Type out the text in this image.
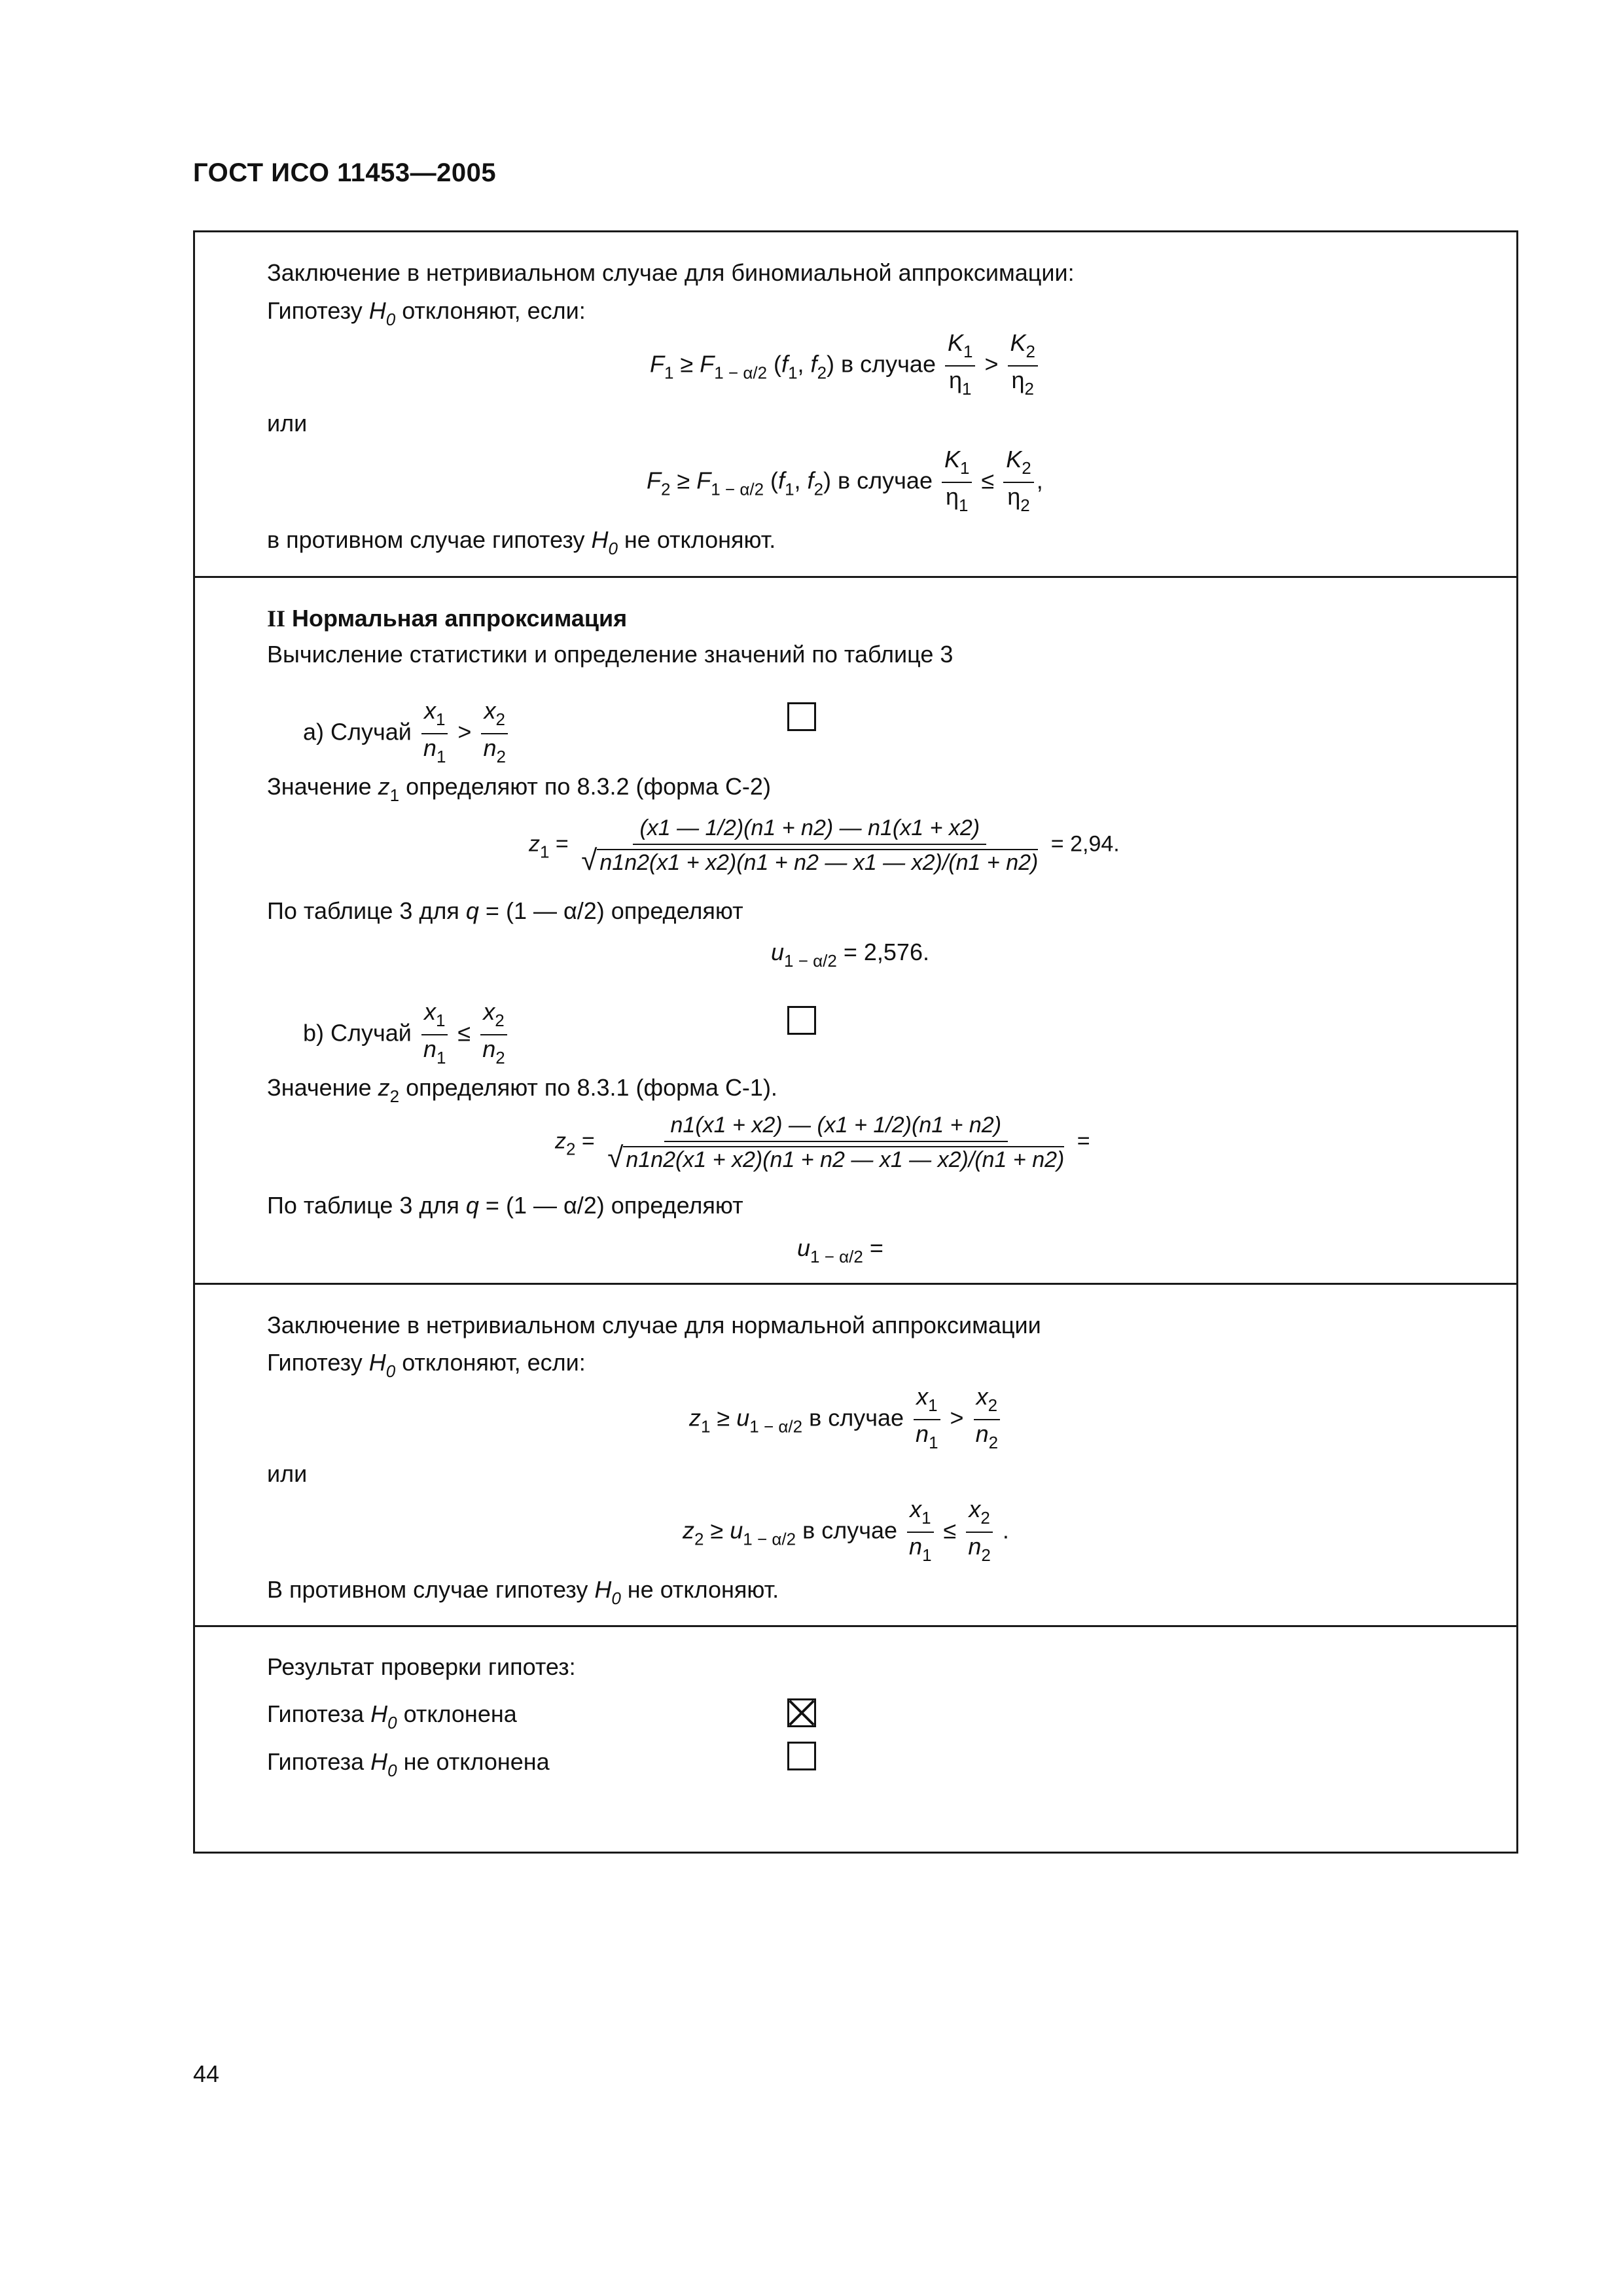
ГОСТ ИСО 11453—2005
Заключение в нетривиальном случае для биномиальной аппроксимации:
Гипотезу $H_0$ отклоняют, если:
$F_1 \ge F_{1 - \alpha/2}$ ($f_1$, $f_2$) в случае $\frac{K_1}{\eta_1} > \frac{K_2}{\eta_2}$
или
$F_2 \ge F_{1 - \alpha/2}$ ($f_1$, $f_2$) в случае $\frac{K_1}{\eta_1} \le \frac{K_2}{\eta_2}$ ,
в противном случае гипотезу $H_0$ не отклоняют.
II Нормальная аппроксимация
Вычисление статистики и определение значений по таблице 3
а) Случай $\frac{x_1}{n_1} > \frac{x_2}{n_2}$
Значение $z_1$ определяют по 8.3.2 (форма С-2)
$z_1 = \frac{(x1 — 1/2)(n1 + n2) — n1(x1 + x2)}{√ n1n2(x1 + x2)(n1 + n2 — x1 — x2)/(n1 + n2)} = 2,94$.
По таблице 3 для q = (1 — α/2) определяют
$u_{1 - \alpha/2} = 2,576$.
b) Случай $\frac{x_1}{n_1} \le \frac{x_2}{n_2}$
Значение $z_2$ определяют по 8.3.1 (форма С-1).
$z_2 = \frac{n1(x1 + x2) — (x1 + 1/2)(n1 + n2)}{√ n1n2(x1 + x2)(n1 + n2 — x1 — x2)/(n1 + n2)}$ =
По таблице 3 для q = (1 — α/2) определяют
$u_{1 - \alpha/2}$ =
Заключение в нетривиальном случае для нормальной аппроксимации
Гипотезу $H_0$ отклоняют, если:
$z_1 \ge u_{1 - \alpha/2}$ в случае $\frac{x_1}{n_1} > \frac{x_2}{n_2}$
или
$z_2 \ge u_{1 - \alpha/2}$ в случае $\frac{x_1}{n_1} \le \frac{x_2}{n_2}$ .
В противном случае гипотезу $H_0$ не отклоняют.
Результат проверки гипотез:
Гипотеза $H_0$ отклонена
Гипотеза $H_0$ не отклонена
44
